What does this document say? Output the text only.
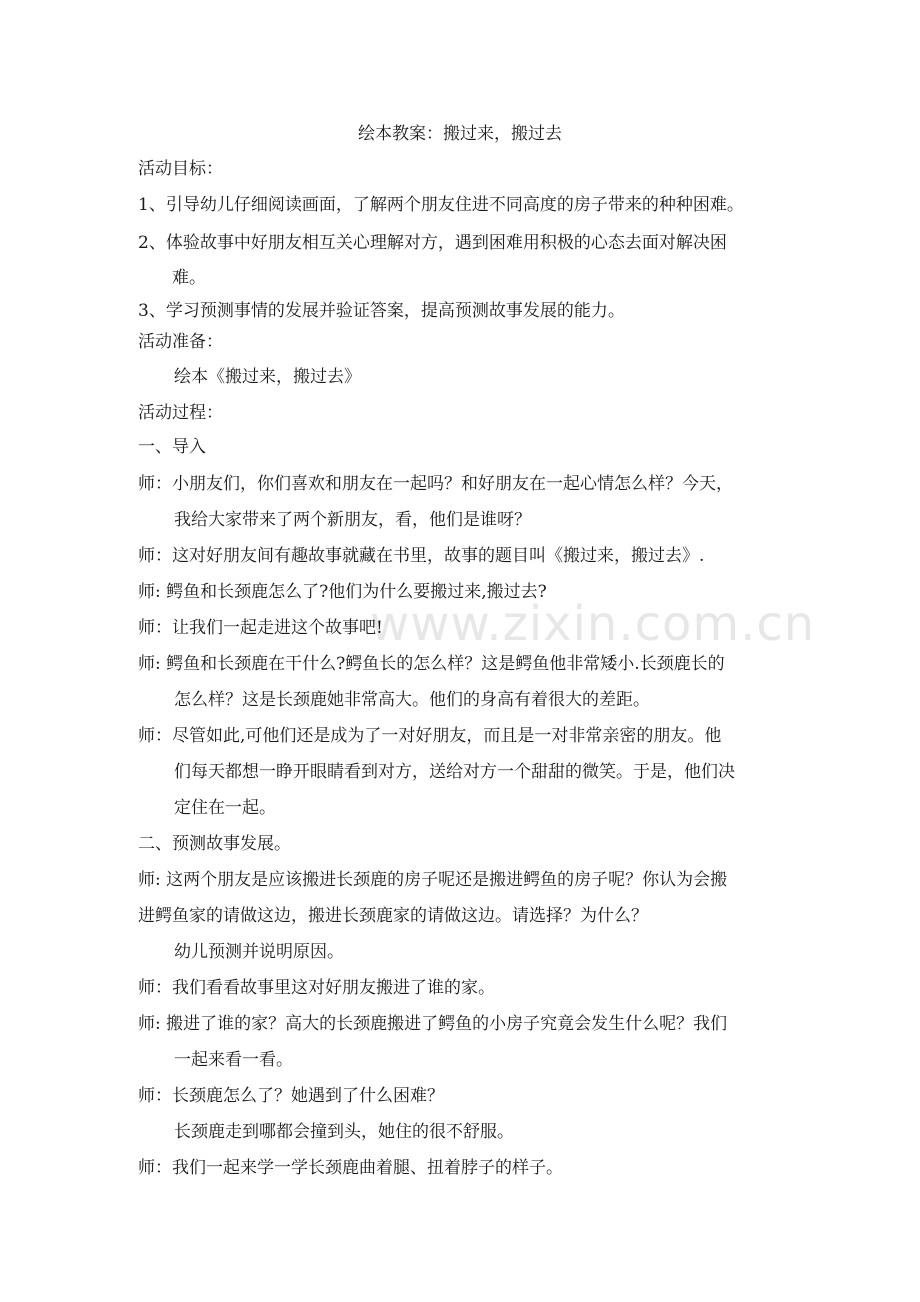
www.zixin.com.cn
绘本教案：搬过来，搬过去
活动目标：
1、引导幼儿仔细阅读画面，了解两个朋友住进不同高度的房子带来的种种困难。
2、体验故事中好朋友相互关心理解对方，遇到困难用积极的心态去面对解决困
难。
3、学习预测事情的发展并验证答案，提高预测故事发展的能力。
活动准备：
绘本《搬过来，搬过去》
活动过程：
一、导入
师：小朋友们，你们喜欢和朋友在一起吗？和好朋友在一起心情怎么样？今天，
我给大家带来了两个新朋友，看，他们是谁呀？
师：这对好朋友间有趣故事就藏在书里，故事的题目叫《搬过来，搬过去》.
师: 鳄鱼和长颈鹿怎么了?他们为什么要搬过来,搬过去?
师：让我们一起走进这个故事吧!
师: 鳄鱼和长颈鹿在干什么?鳄鱼长的怎么样？这是鳄鱼他非常矮小.长颈鹿长的
怎么样？这是长颈鹿她非常高大。他们的身高有着很大的差距。
师：尽管如此,可他们还是成为了一对好朋友，而且是一对非常亲密的朋友。他
们每天都想一睁开眼睛看到对方，送给对方一个甜甜的微笑。于是，他们决
定住在一起。
二、预测故事发展。
师: 这两个朋友是应该搬进长颈鹿的房子呢还是搬进鳄鱼的房子呢？你认为会搬
进鳄鱼家的请做这边，搬进长颈鹿家的请做这边。请选择？为什么？
幼儿预测并说明原因。
师：我们看看故事里这对好朋友搬进了谁的家。
师: 搬进了谁的家？高大的长颈鹿搬进了鳄鱼的小房子究竟会发生什么呢？我们
一起来看一看。
师：长颈鹿怎么了？她遇到了什么困难？
长颈鹿走到哪都会撞到头，她住的很不舒服。
师：我们一起来学一学长颈鹿曲着腿、扭着脖子的样子。
